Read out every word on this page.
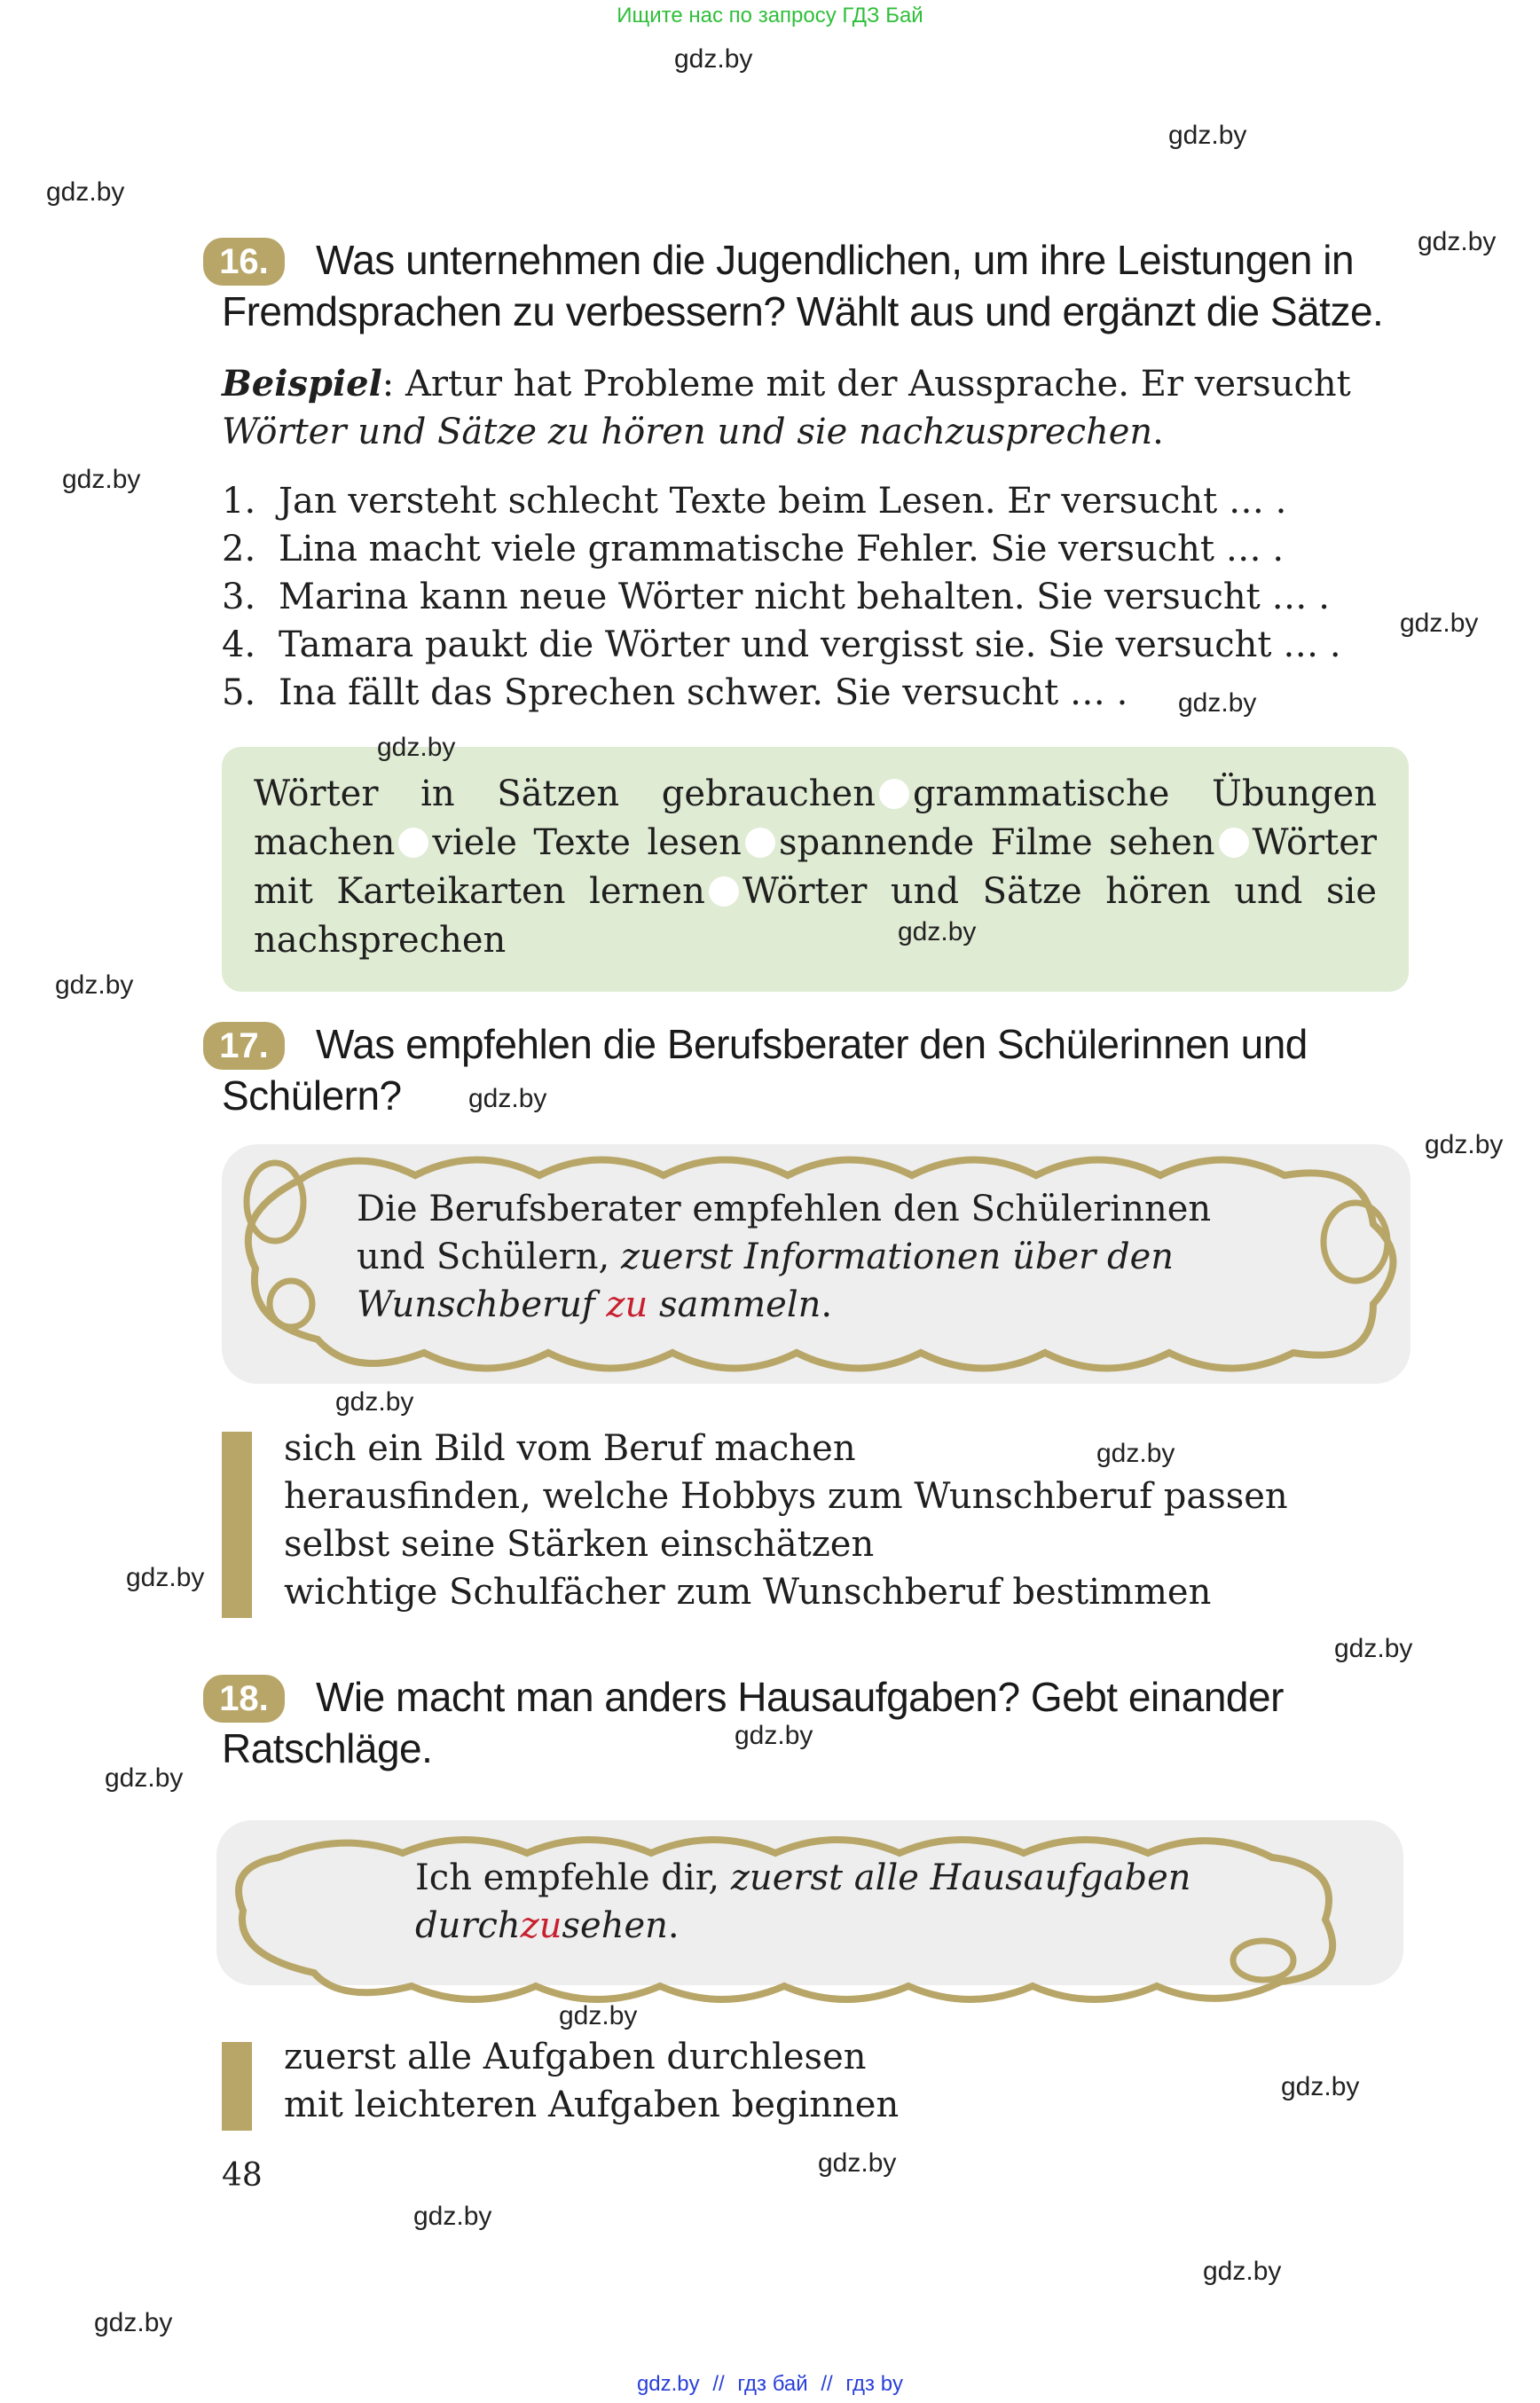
Ищите нас по запросу ГДЗ Бай
gdz.by
gdz.by
gdz.by
16.	Was unternehmen die Jugendlichen, um ihre Leistungen in
Fremdsprachen zu verbessern? Wählt aus und ergänzt die Sätze.
gdz.by
Beispiel: Artur hat Probleme mit der Aussprache. Er versucht
Wörter und Sätze zu hören und sie nachzusprechen.
gdz.by
1. Jan versteht schlecht Texte beim Lesen. Er versucht … .
2. Lina macht viele grammatische Fehler. Sie versucht … .
3. Marina kann neue Wörter nicht behalten. Sie versucht … .
4. Tamara paukt die Wörter und vergisst sie. Sie versucht … .
5. Ina fällt das Sprechen schwer. Sie versucht … .
gdz.by
gdz.by
Wörter in Sätzen gebrauchen grammatische Übungen machen viele Texte lesen spannende Filme sehen Wörter mit Karteikarten lernen Wörter und Sätze hören und sie nachsprechen
gdz.by
gdz.by
gdz.by
17.	Was empfehlen die Berufsberater den Schülerinnen und
Schülern?	gdz.by
gdz.by
Die Berufsberater empfehlen den Schülerinnen
und Schülern, zuerst Informationen über den
Wunschberuf zu sammeln.
gdz.by
sich ein Bild vom Beruf machen
herausfinden, welche Hobbys zum Wunschberuf passen
selbst seine Stärken einschätzen
wichtige Schulfächer zum Wunschberuf bestimmen
gdz.by
gdz.by
gdz.by
18.	Wie macht man anders Hausaufgaben? Gebt einander
Ratschläge.	gdz.by
gdz.by
Ich empfehle dir, zuerst alle Hausaufgaben
durchzusehen.
gdz.by
zuerst alle Aufgaben durchlesen
mit leichteren Aufgaben beginnen	gdz.by
48	gdz.by
gdz.by
gdz.by
gdz.by
gdz.by // гдз бай // гдз by
